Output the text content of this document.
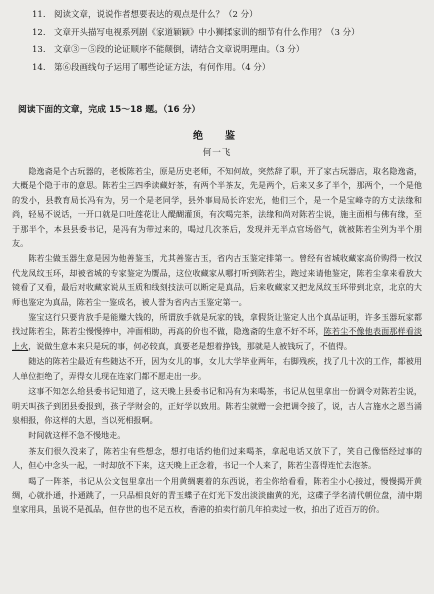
11.　阅读文章，说说作者想要表达的观点是什么？（2 分）
12.　文章开头描写电视系列剧《家道颖颖》中小狮揉家训的细节有什么作用？（3 分）
13.　文章③－⑤段的论证顺序不能颠倒，请结合文章说明理由。（3 分）
14.　第⑥段画线句子运用了哪些论证方法，有何作用。（4 分）
阅读下面的文章，完成 15～18 题。（16 分）
绝　鉴
何一飞

隐逸斋是个古玩器的，老板陈若尘，原是历史老师，不知何故，突然辞了职，开了家古玩器店，取名隐逸斋，大概是个隐于市的意思。陈若尘三四季读藏好茶，有两个半茶友，先是两个，后来又多了半个，那两个，一个是他的发小，县教育局长冯有为，另一个是老同学，县外事局局长许宏光，他们三个，是一个是宝峰寺的方丈法缘和尚，轻易不说话，一开口就是口吐莲花让人醍醐灌顶，有次喝完茶，法缘和尚对陈若尘说，施主面相与佛有缘，至于那半个，本县县委书记，是冯有为带过来的，喝过几次茶后，发现并无半点官场俗气，就被陈若尘列为半个朋友。

陈若尘做玉器生意是因为他善鉴玉，尤其善鉴古玉，省内古玉鉴定排第一。曾经有省城收藏家高价购得一枚汉代龙凤纹玉环，却被省城的专家鉴定为赝品，这位收藏家从哪打听到陈若尘，跑过来请他鉴定，陈若尘拿来看放大镜看了又看，最后对收藏家说从玉质和线刻技法可以断定是真品，后来收藏家又把龙凤纹玉环带到北京，北京的大师也鉴定为真品，陈若尘一鉴成名，被人誉为省内古玉鉴定第一。

鉴宝这行只要肯放手是能赚大钱的，所谓放手就是玩家的钱，拿假货让鉴定人出个真品证明，许多玉器玩家都找过陈若尘，陈若尘慢慢捧中，冲面相助，再高的价也不做，隐逸斋的生意不好不坏，陈若尘不像他表面那样看淡上火，说做生意本来只是玩的事，何必较真，真要老是想着挣钱，那就是人被钱玩了，不值得。

随达的陈若尘最近有些随达不开，因为女儿的事，女儿大学毕业两年，右脚残疾，找了几十次的工作，都被用人单位拒绝了，弄得女儿现在连家门都不愿走出一步。

这事不知怎么给县委书记知道了，这天晚上县委书记和冯有为来喝茶，书记从包里拿出一份调令对陈若尘说，明天叫孩子到团县委报到，孩子学财会的，正好学以致用。陈若尘就赠一会把调令接了，说，古人言施水之恩当涌泉相报，你这样的大恩，当以死相报啊。

时间就这样不急不慢地走。

茶友们很久没来了，陈若尘有些想念，想打电话约他们过来喝茶，拿起电话又放下了，笑自己像悟经过事的人，但心中念头一起，一时却放不下来，这天晚上正念着，书记一个人来了，陈若尘喜得连忙去泡茶。

喝了一阵茶，书记从公文包里拿出一个用黄绸裹着的东西说，若尘你给看看，陈若尘小心接过，慢慢揭开黄绸，心就扑通，扑通跳了，一只品相良好的青玉蝶子在灯光下发出淡淡幽黄的光，这碟子学名清代朝位盘，清中期皇家用具，虽说不是孤品，但存世的也不足五枚，香港的拍卖行前几年拍卖过一枚，拍出了近百万的价。
